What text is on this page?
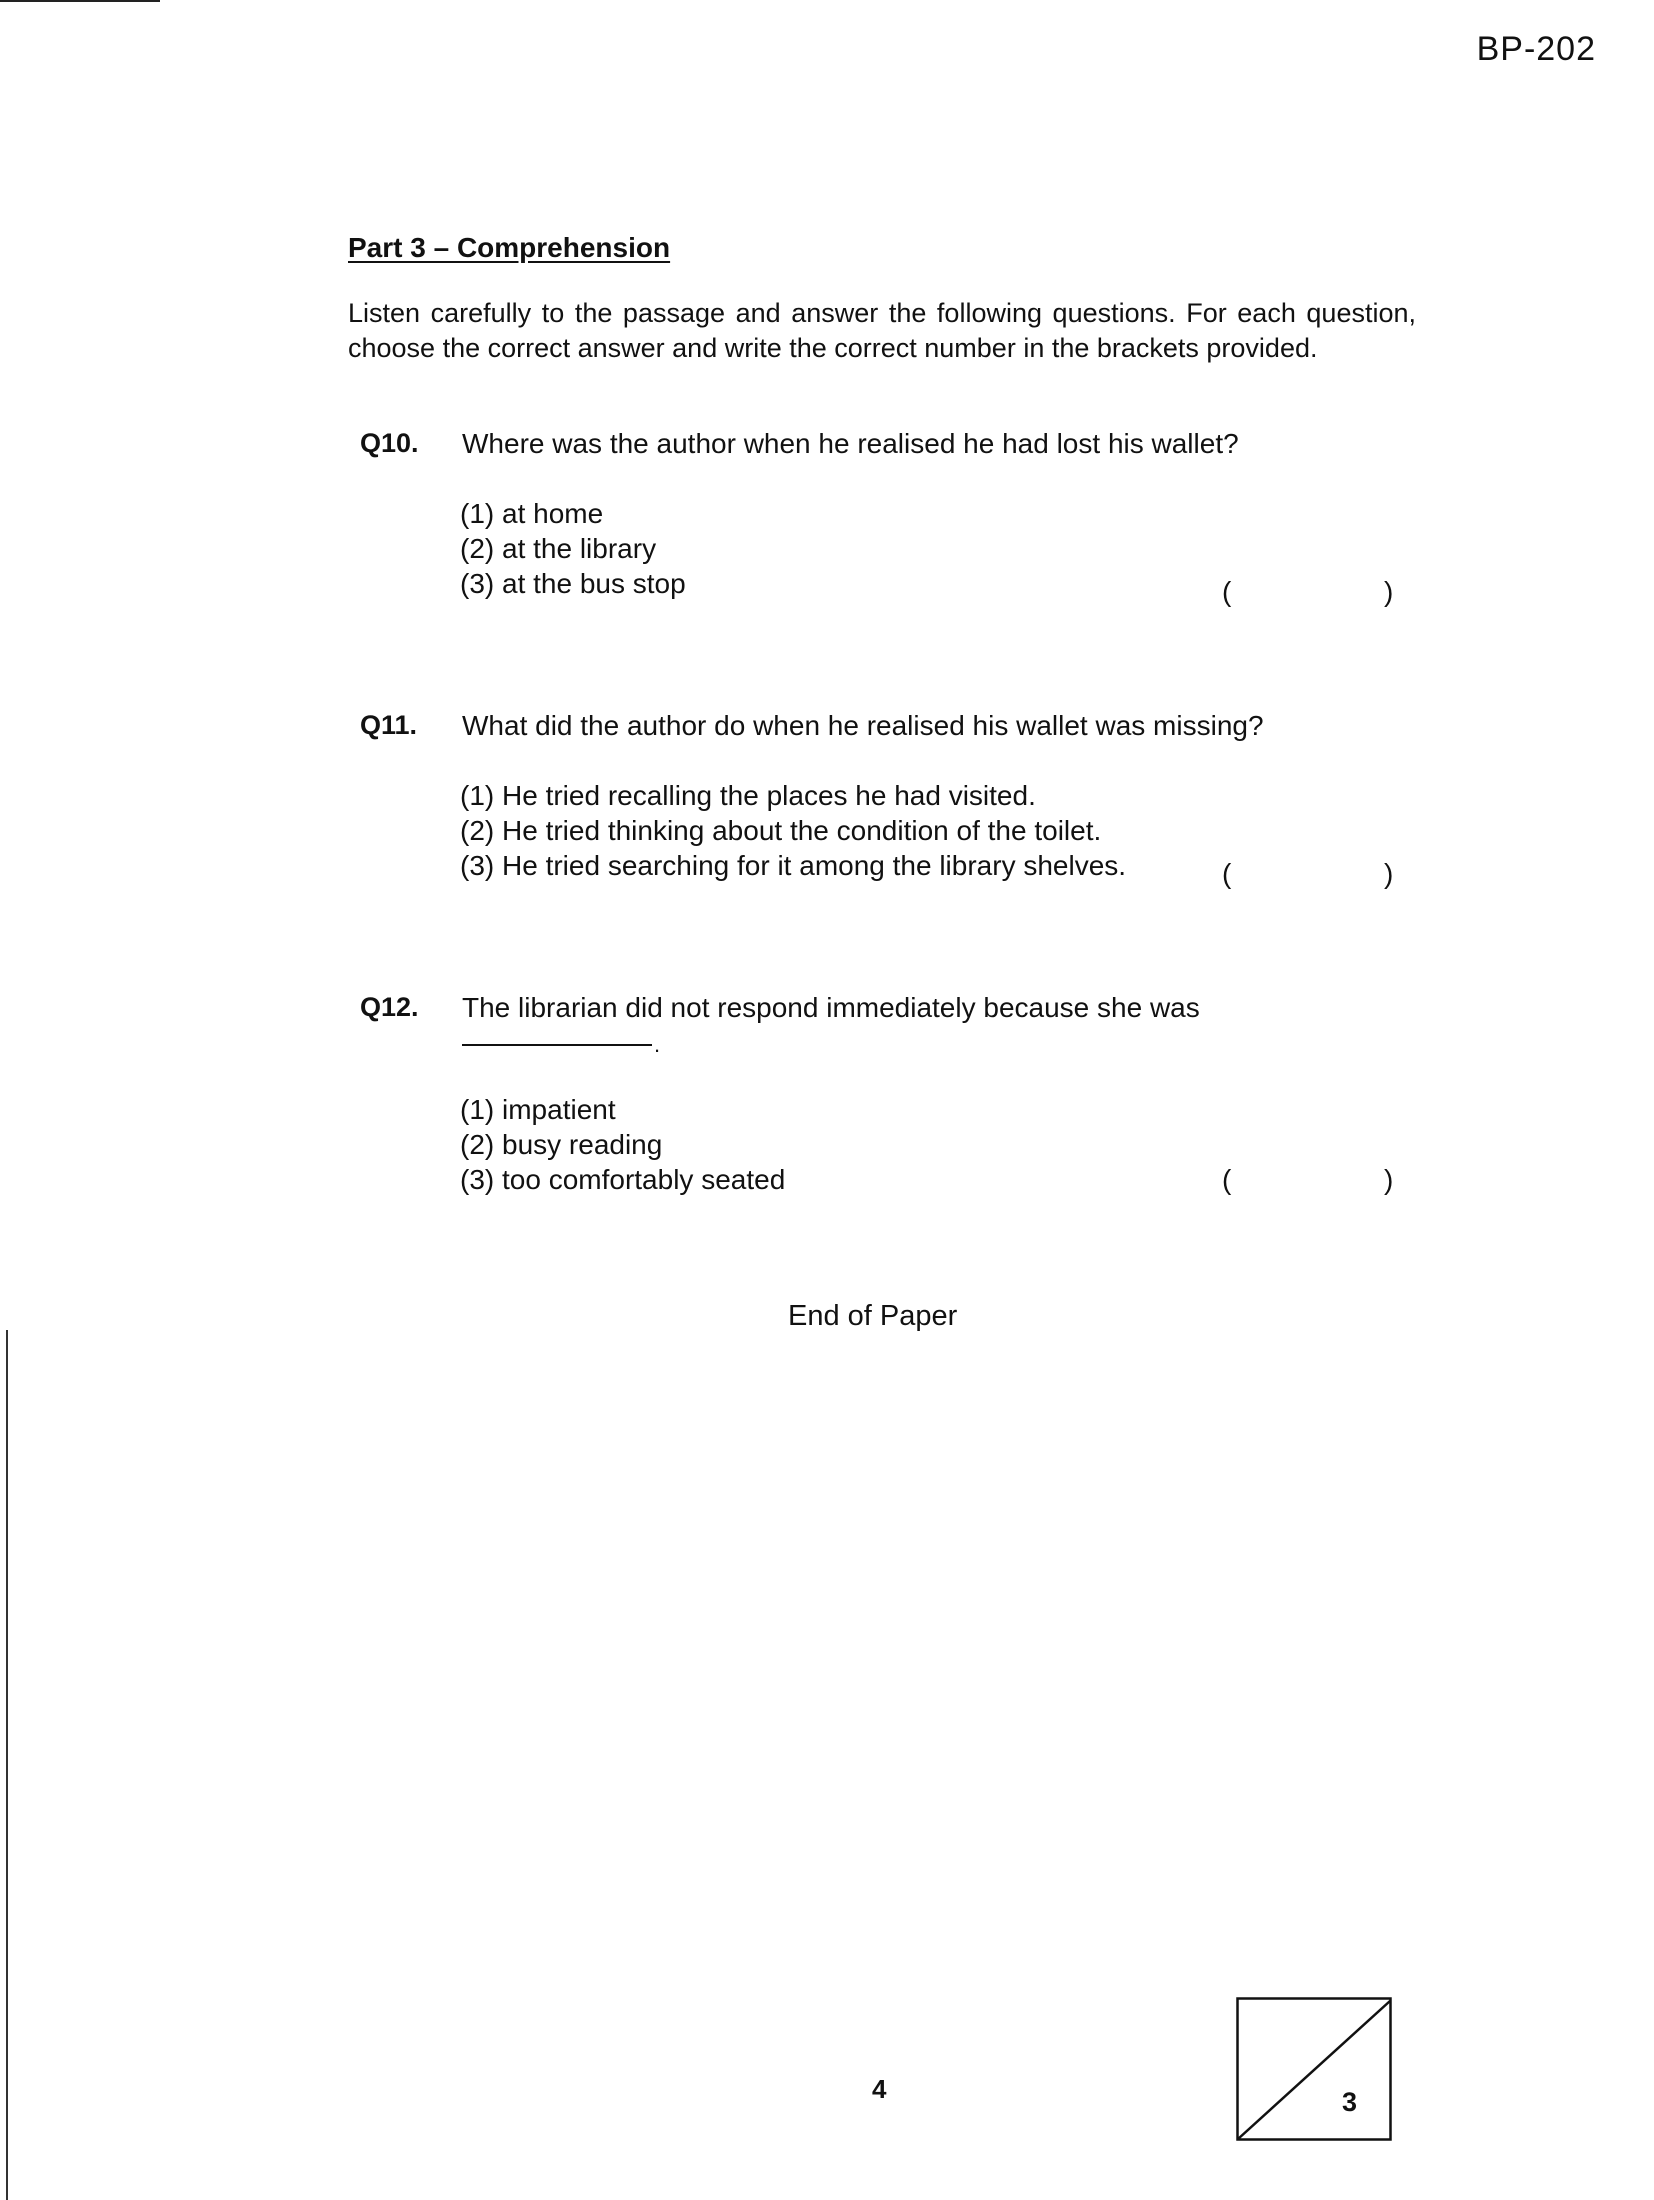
BP-202
Part 3 – Comprehension
Listen carefully to the passage and answer the following questions. For each question, choose the correct answer and write the correct number in the brackets provided.
Q10. Where was the author when he realised he had lost his wallet?
(1) at home
(2) at the library
(3) at the bus stop	(	)
Q11. What did the author do when he realised his wallet was missing?
(1) He tried recalling the places he had visited.
(2) He tried thinking about the condition of the toilet.
(3) He tried searching for it among the library shelves.	(	)
Q12. The librarian did not respond immediately because she was
.
(1) impatient
(2) busy reading
(3) too comfortably seated	(	)
End of Paper
4	3
